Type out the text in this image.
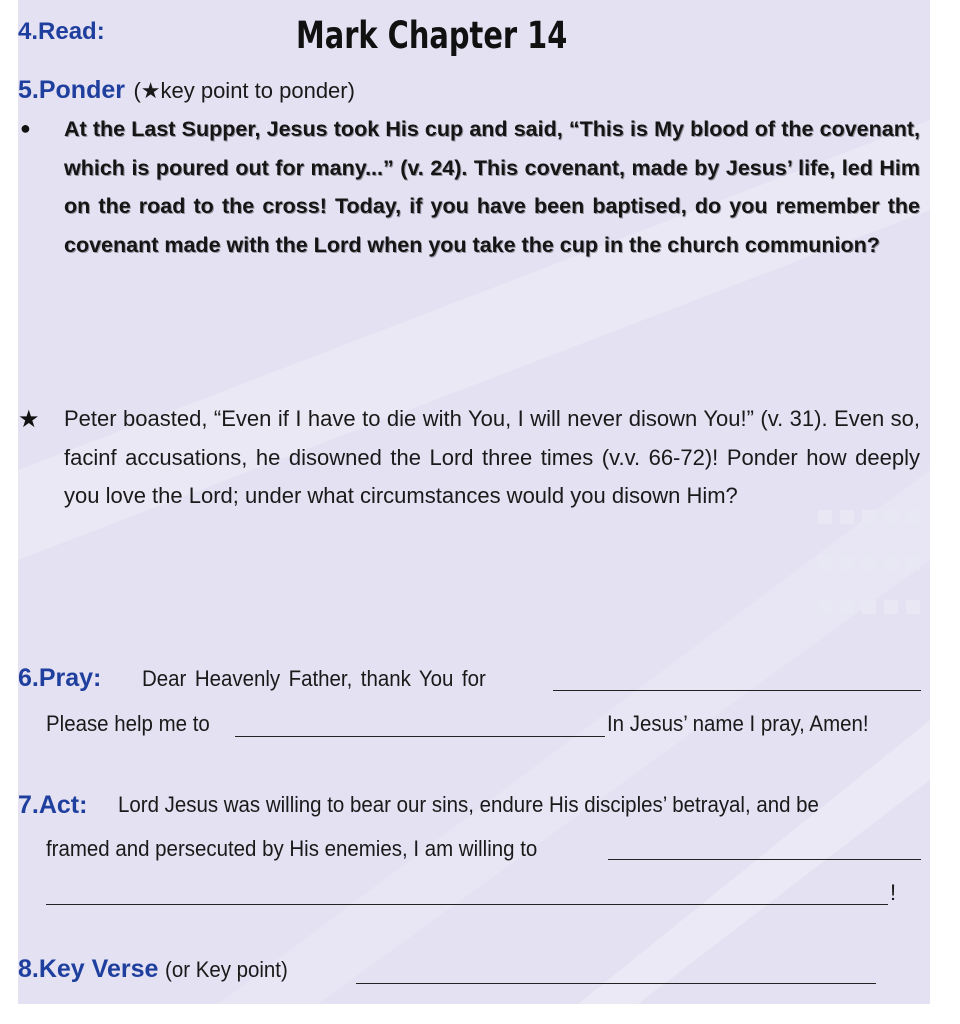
4.Read:	Mark Chapter 14
5.Ponder (★key point to ponder)
● At the Last Supper, Jesus took His cup and said, “This is My blood of the covenant, which is poured out for many...” (v. 24). This covenant, made by Jesus’ life, led Him on the road to the cross! Today, if you have been baptised, do you remember the covenant made with the Lord when you take the cup in the church communion?
★ Peter boasted, “Even if I have to die with You, I will never disown You!” (v. 31). Even so, facinf accusations, he disowned the Lord three times (v.v. 66-72)! Ponder how deeply you love the Lord; under what circumstances would you disown Him?
6.Pray: Dear Heavenly Father, thank You for
Please help me to	In Jesus’ name I pray, Amen!
7.Act: Lord Jesus was willing to bear our sins, endure His disciples’ betrayal, and be
framed and persecuted by His enemies, I am willing to
!
8.Key Verse (or Key point)
